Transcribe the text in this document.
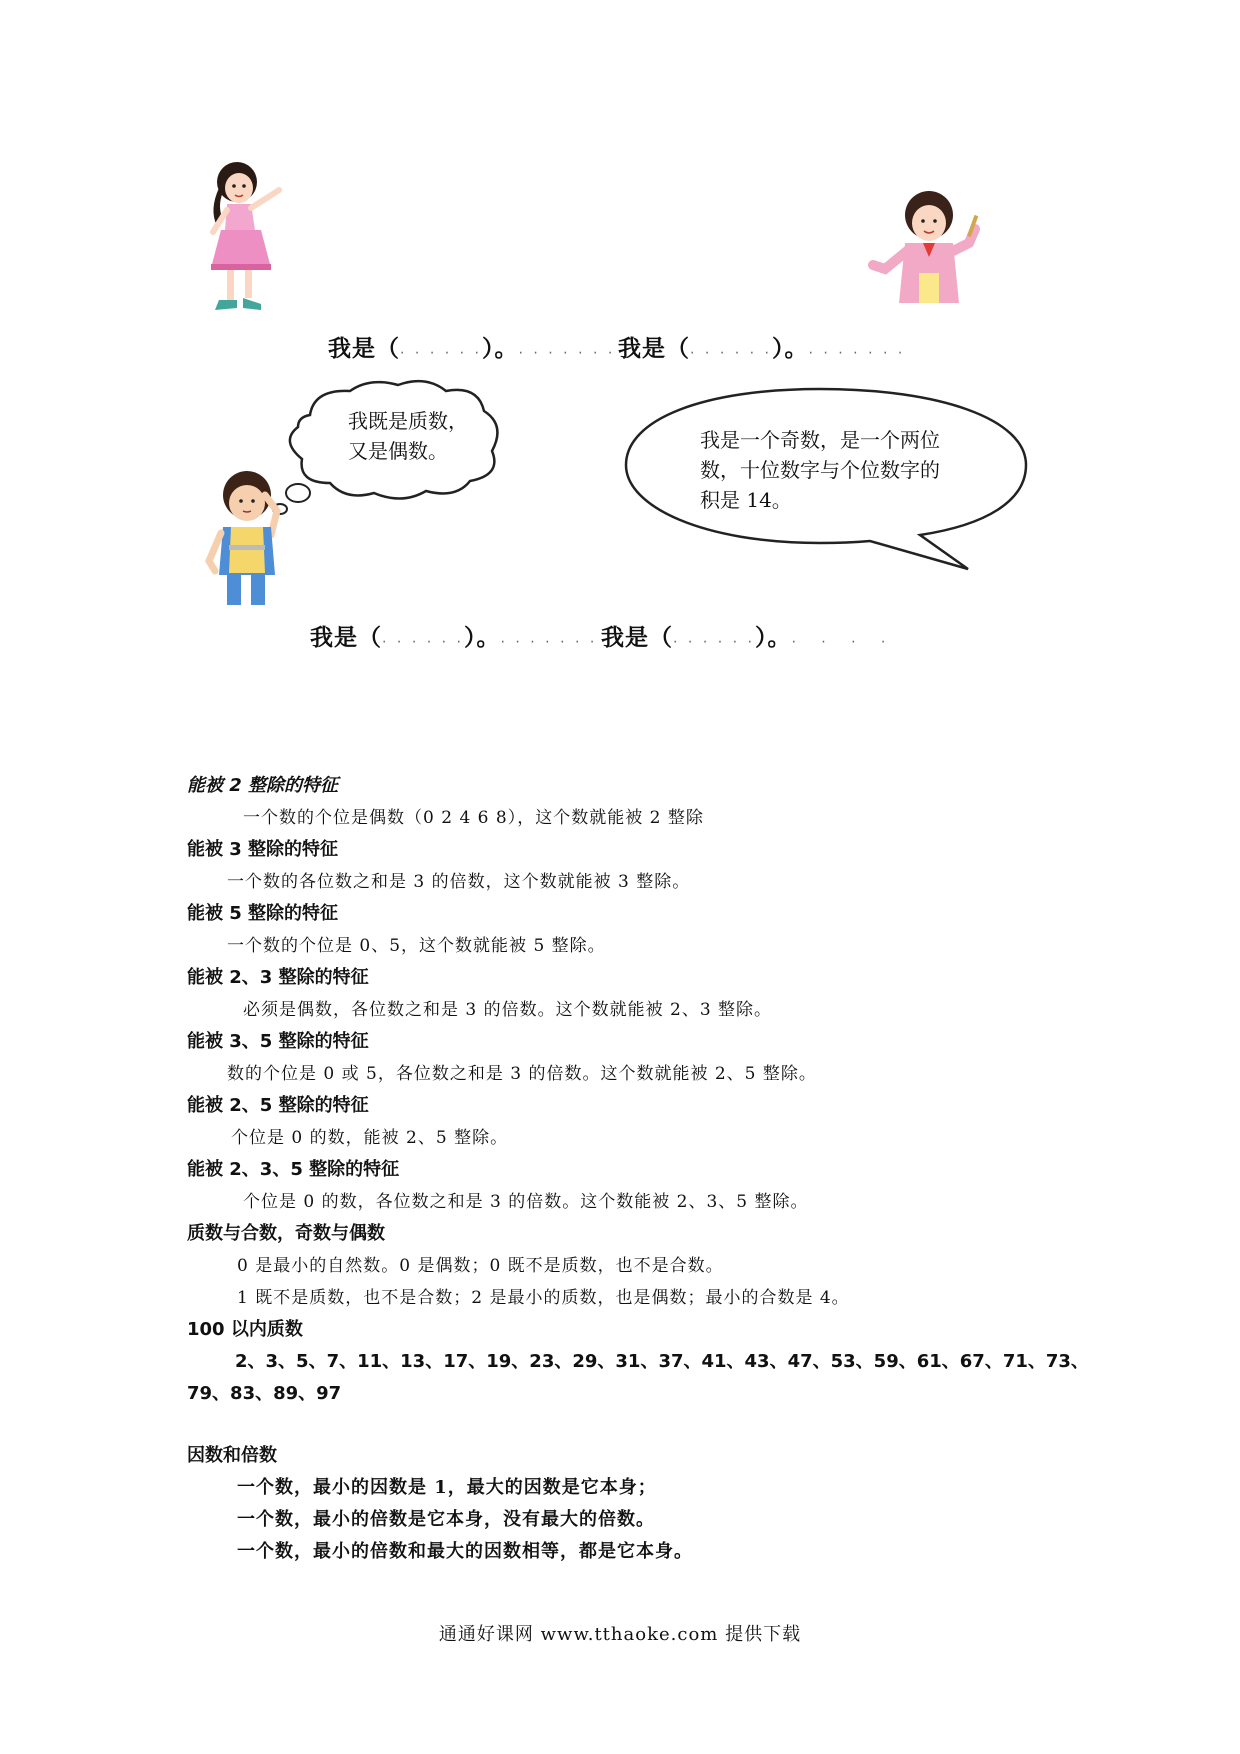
我是（. . . . . .）。. . . . . . . 我是（. . . . . .）。. . . . . . .

我既是质数，
又是偶数。	我是一个奇数，是一个两位
数，十位数字与个位数字的
积是 14。

我是（. . . . . .）。. . . . . . . 我是（. . . . . .）。.   .   .   .

能被 2 整除的特征
一个数的个位是偶数（0 2 4 6 8），这个数就能被 2 整除
能被 3 整除的特征
一个数的各位数之和是 3 的倍数，这个数就能被 3 整除。
能被 5 整除的特征
一个数的个位是 0、5，这个数就能被 5 整除。
能被 2、3 整除的特征
必须是偶数，各位数之和是 3 的倍数。这个数就能被 2、3 整除。
能被 3、5 整除的特征
数的个位是 0 或 5，各位数之和是 3 的倍数。这个数就能被 2、5 整除。
能被 2、5 整除的特征
个位是 0 的数，能被 2、5 整除。
能被 2、3、5 整除的特征
个位是 0 的数，各位数之和是 3 的倍数。这个数能被 2、3、5 整除。
质数与合数，奇数与偶数
0 是最小的自然数。0 是偶数；0 既不是质数，也不是合数。
1 既不是质数，也不是合数；2 是最小的质数，也是偶数；最小的合数是 4。
100 以内质数
2、3、5、7、11、13、17、19、23、29、31、37、41、43、47、53、59、61、67、71、73、
79、83、89、97
因数和倍数
一个数，最小的因数是 1，最大的因数是它本身；
一个数，最小的倍数是它本身，没有最大的倍数。
一个数，最小的倍数和最大的因数相等，都是它本身。
通通好课网 www.tthaoke.com 提供下载
